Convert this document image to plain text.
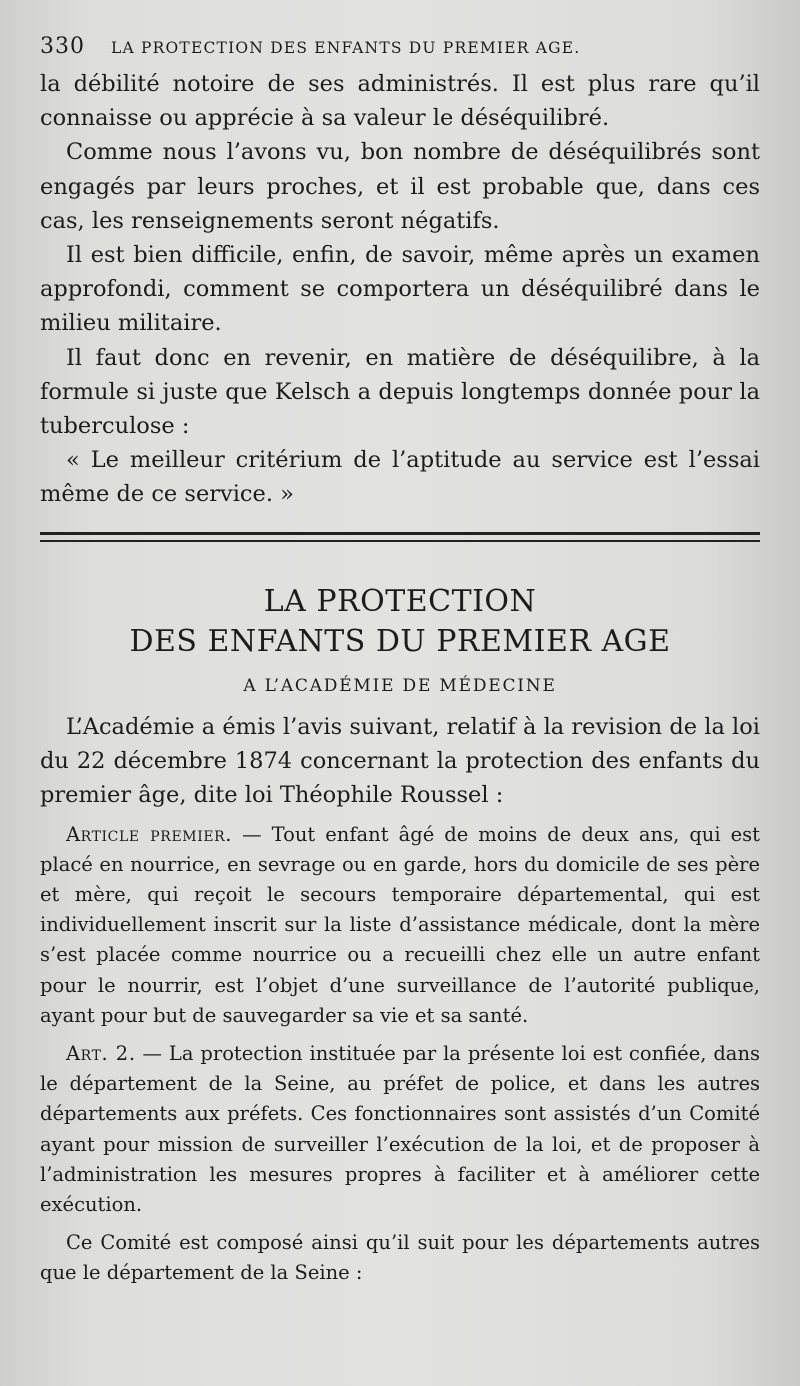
330 LA PROTECTION DES ENFANTS DU PREMIER AGE.

la débilité notoire de ses administrés. Il est plus rare qu’il connaisse ou apprécie à sa valeur le déséquilibré.

Comme nous l’avons vu, bon nombre de déséquilibrés sont engagés par leurs proches, et il est probable que, dans ces cas, les renseignements seront négatifs.

Il est bien difficile, enfin, de savoir, même après un examen approfondi, comment se comportera un déséquilibré dans le milieu militaire.

Il faut donc en revenir, en matière de déséquilibre, à la formule si juste que Kelsch a depuis longtemps donnée pour la tuberculose :

« Le meilleur critérium de l’aptitude au service est l’essai même de ce service. »

LA PROTECTION
DES ENFANTS DU PREMIER AGE
A L’ACADÉMIE DE MÉDECINE

L’Académie a émis l’avis suivant, relatif à la revision de la loi du 22 décembre 1874 concernant la protection des enfants du premier âge, dite loi Théophile Roussel :

Article premier. — Tout enfant âgé de moins de deux ans, qui est placé en nourrice, en sevrage ou en garde, hors du domicile de ses père et mère, qui reçoit le secours temporaire départemental, qui est individuellement inscrit sur la liste d’assistance médicale, dont la mère s’est placée comme nourrice ou a recueilli chez elle un autre enfant pour le nourrir, est l’objet d’une surveillance de l’autorité publique, ayant pour but de sauvegarder sa vie et sa santé.

Art. 2. — La protection instituée par la présente loi est confiée, dans le département de la Seine, au préfet de police, et dans les autres départements aux préfets. Ces fonctionnaires sont assistés d’un Comité ayant pour mission de surveiller l’exécution de la loi, et de proposer à l’administration les mesures propres à faciliter et à améliorer cette exécution.

Ce Comité est composé ainsi qu’il suit pour les départements autres que le département de la Seine :
